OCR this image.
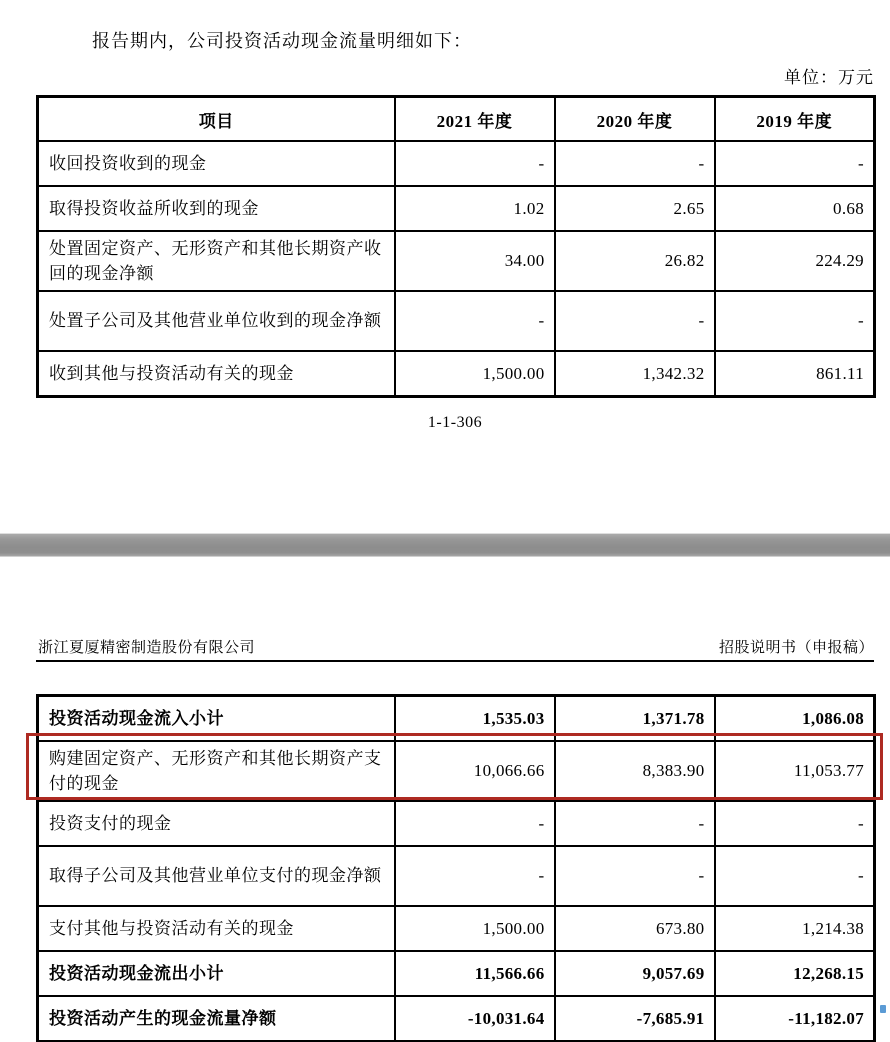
报告期内，公司投资活动现金流量明细如下：
单位：万元
项目	2021 年度	2020 年度	2019 年度
收回投资收到的现金	-	-	-
取得投资收益所收到的现金	1.02	2.65	0.68
处置固定资产、无形资产和其他长期资产收回的现金净额	34.00	26.82	224.29
处置子公司及其他营业单位收到的现金净额	-	-	-
收到其他与投资活动有关的现金	1,500.00	1,342.32	861.11
1-1-306
浙江夏厦精密制造股份有限公司	招股说明书（申报稿）
投资活动现金流入小计	1,535.03	1,371.78	1,086.08
购建固定资产、无形资产和其他长期资产支付的现金	10,066.66	8,383.90	11,053.77
投资支付的现金	-	-	-
取得子公司及其他营业单位支付的现金净额	-	-	-
支付其他与投资活动有关的现金	1,500.00	673.80	1,214.38
投资活动现金流出小计	11,566.66	9,057.69	12,268.15
投资活动产生的现金流量净额	-10,031.64	-7,685.91	-11,182.07
